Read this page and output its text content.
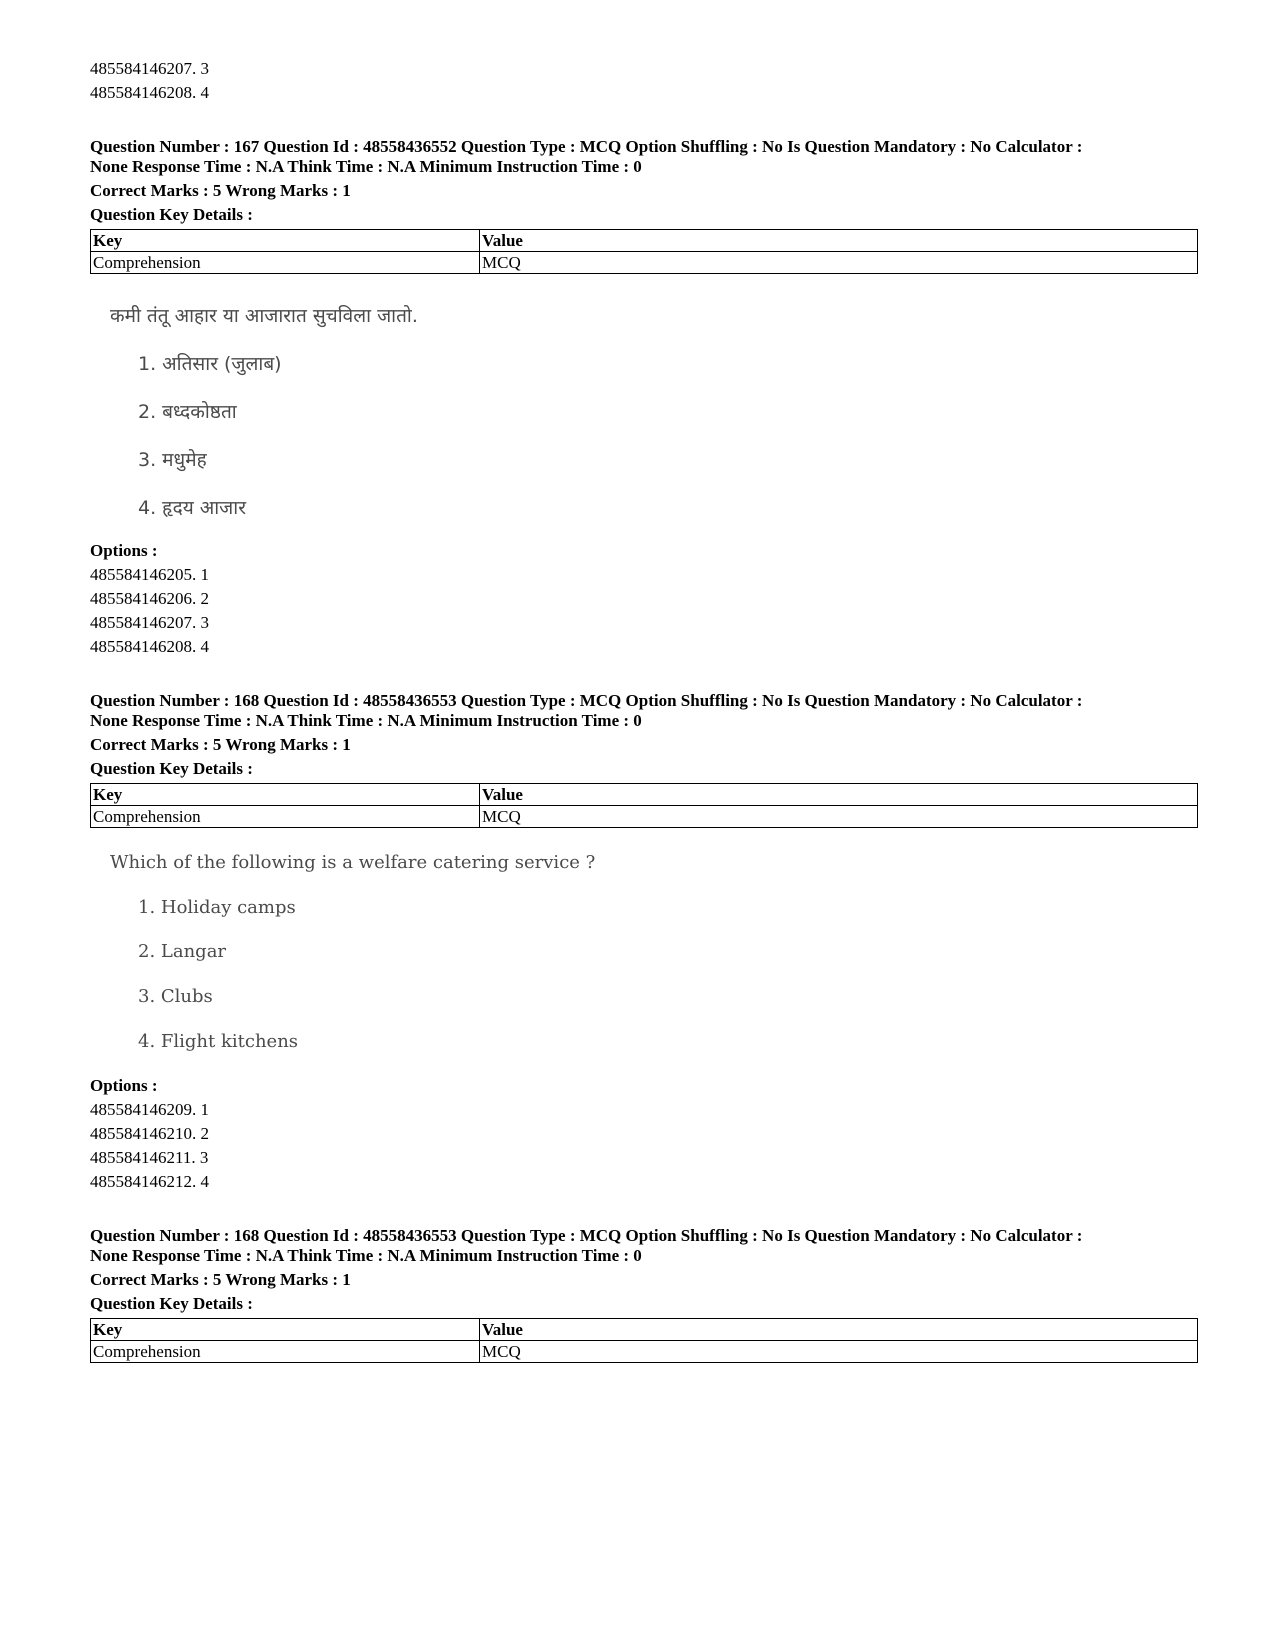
485584146207. 3
485584146208. 4
Question Number : 167 Question Id : 48558436552 Question Type : MCQ Option Shuffling : No Is Question Mandatory : No Calculator :
None Response Time : N.A Think Time : N.A Minimum Instruction Time : 0
Correct Marks : 5 Wrong Marks : 1
Question Key Details :
Key	Value
Comprehension	MCQ
कमी तंतू आहार या आजारात सुचविला जातो.
1. अतिसार (जुलाब)
2. बध्दकोष्ठता
3. मधुमेह
4. हृदय आजार
Options :
485584146205. 1
485584146206. 2
485584146207. 3
485584146208. 4
Question Number : 168 Question Id : 48558436553 Question Type : MCQ Option Shuffling : No Is Question Mandatory : No Calculator :
None Response Time : N.A Think Time : N.A Minimum Instruction Time : 0
Correct Marks : 5 Wrong Marks : 1
Question Key Details :
Key	Value
Comprehension	MCQ
Which of the following is a welfare catering service ?
1. Holiday camps
2. Langar
3. Clubs
4. Flight kitchens
Options :
485584146209. 1
485584146210. 2
485584146211. 3
485584146212. 4
Question Number : 168 Question Id : 48558436553 Question Type : MCQ Option Shuffling : No Is Question Mandatory : No Calculator :
None Response Time : N.A Think Time : N.A Minimum Instruction Time : 0
Correct Marks : 5 Wrong Marks : 1
Question Key Details :
Key	Value
Comprehension	MCQ
